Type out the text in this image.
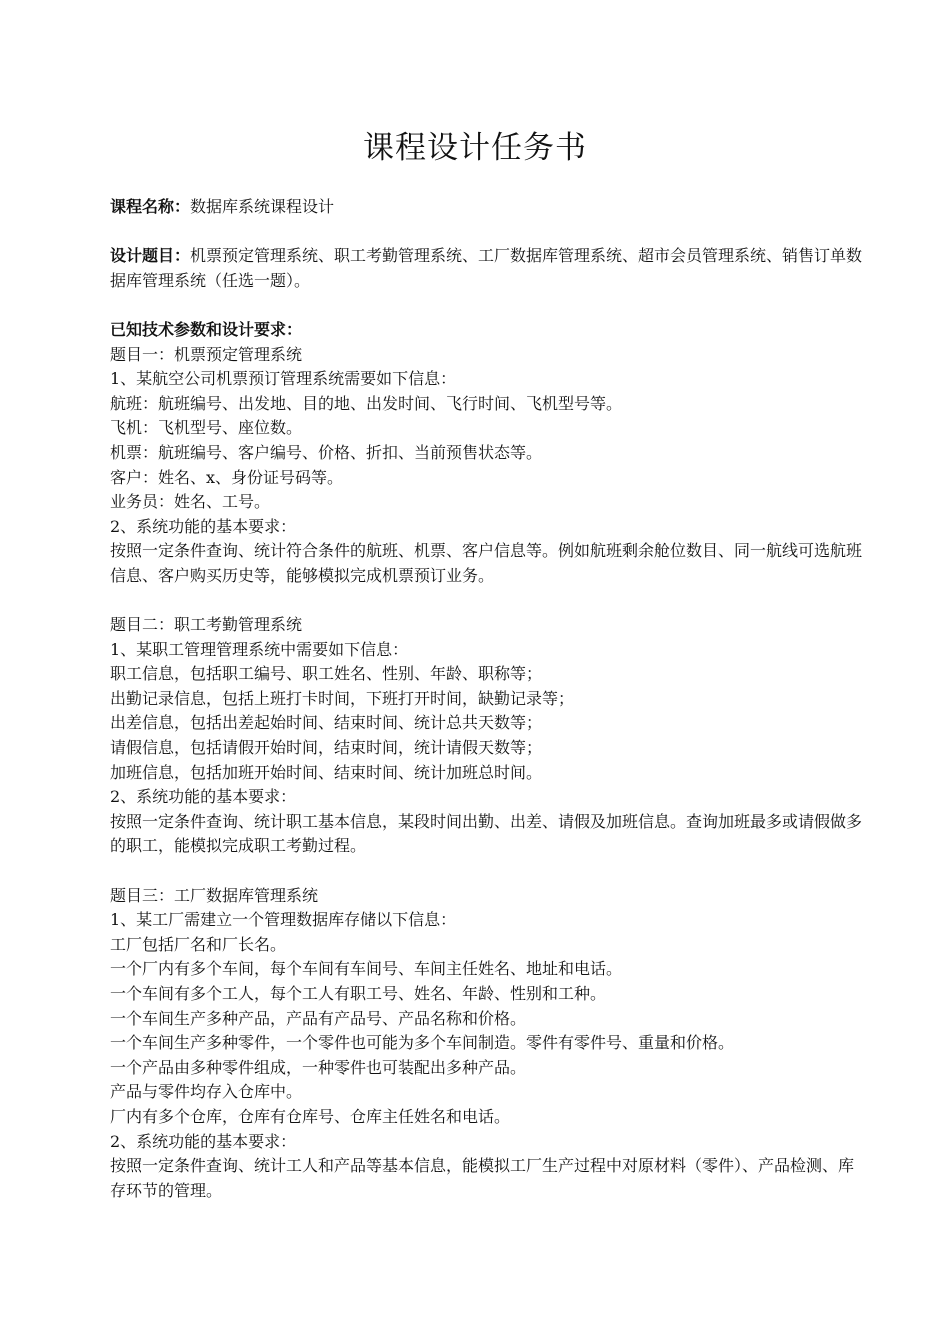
课程设计任务书
课程名称：数据库系统课程设计
设计题目：机票预定管理系统、职工考勤管理系统、工厂数据库管理系统、超市会员管理系统、销售订单数据库管理系统（任选一题）。
已知技术参数和设计要求：
题目一：机票预定管理系统
1、某航空公司机票预订管理系统需要如下信息：
航班：航班编号、出发地、目的地、出发时间、飞行时间、飞机型号等。
飞机：飞机型号、座位数。
机票：航班编号、客户编号、价格、折扣、当前预售状态等。
客户：姓名、x、身份证号码等。
业务员：姓名、工号。
2、系统功能的基本要求：
按照一定条件查询、统计符合条件的航班、机票、客户信息等。例如航班剩余舱位数目、同一航线可选航班信息、客户购买历史等，能够模拟完成机票预订业务。
题目二：职工考勤管理系统
1、某职工管理管理系统中需要如下信息：
职工信息，包括职工编号、职工姓名、性别、年龄、职称等；
出勤记录信息，包括上班打卡时间，下班打开时间，缺勤记录等；
出差信息，包括出差起始时间、结束时间、统计总共天数等；
请假信息，包括请假开始时间，结束时间，统计请假天数等；
加班信息，包括加班开始时间、结束时间、统计加班总时间。
2、系统功能的基本要求：
按照一定条件查询、统计职工基本信息，某段时间出勤、出差、请假及加班信息。查询加班最多或请假做多的职工，能模拟完成职工考勤过程。
题目三：工厂数据库管理系统
1、某工厂需建立一个管理数据库存储以下信息：
工厂包括厂名和厂长名。
一个厂内有多个车间，每个车间有车间号、车间主任姓名、地址和电话。
一个车间有多个工人，每个工人有职工号、姓名、年龄、性别和工种。
一个车间生产多种产品，产品有产品号、产品名称和价格。
一个车间生产多种零件，一个零件也可能为多个车间制造。零件有零件号、重量和价格。
一个产品由多种零件组成，一种零件也可装配出多种产品。
产品与零件均存入仓库中。
厂内有多个仓库，仓库有仓库号、仓库主任姓名和电话。
2、系统功能的基本要求：
按照一定条件查询、统计工人和产品等基本信息，能模拟工厂生产过程中对原材料（零件）、产品检测、库存环节的管理。
